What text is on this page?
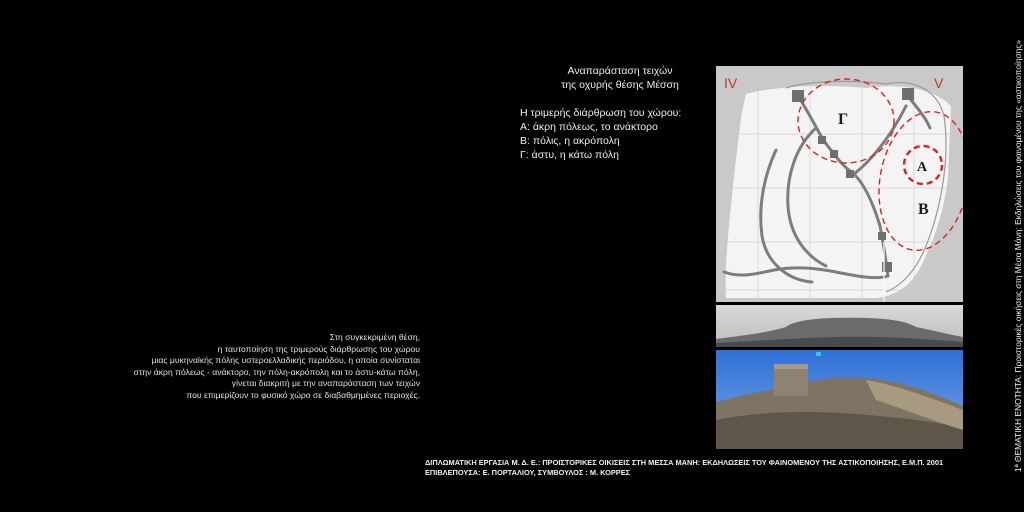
Αναπαράσταση τειχών
της οχυρής θέσης Μέσση
Η τριμερής διάρθρωση του χώρου:
Α: άκρη πόλεως, το ανάκτορο
Β: πόλις, η ακρόπολη
Γ: άστυ, η κάτω πόλη
IV	V
Γ
Α
Β
Στη συγκεκριμένη θέση,
η ταυτοποίηση της τριμερούς διάρθρωσης του χώρου
μιας μυκηναϊκής πόλης υστεροελλαδικής περιόδου, η οποία συνίσταται
στην άκρη πόλεως - ανάκτορο, την πόλη-ακρόπολη και το άστυ-κάτω πόλη,
γίνεται διακριτή με την αναπαράσταση των τειχών
που επιμερίζουν το φυσικό χώρο σε διαβαθμημένες περιοχές.
ΔΙΠΛΩΜΑΤΙΚΗ ΕΡΓΑΣΙΑ Μ. Δ. Ε.: ΠΡΟΙΣΤΟΡΙΚΕΣ ΟΙΚΙΣΕΙΣ ΣΤΗ ΜΕΣΣΑ ΜΑΝΗ: ΕΚΔΗΛΩΣΕΙΣ ΤΟΥ ΦΑΙΝΟΜΕΝΟΥ ΤΗΣ ΑΣΤΙΚΟΠΟΙΗΣΗΣ, Ε.Μ.Π. 2001
ΕΠΙΒΛΕΠΟΥΣΑ: Ε. ΠΟΡΤΑΛΙΟΥ, ΣΥΜΒΟΥΛΟΣ : Μ. ΚΟΡΡΕΣ
1ª ΘΕΜΑΤΙΚΗ ΕΝΟΤΗΤΑ: Προιστορικές οικήσεις στη Μέσα Μάνη: Εκδηλώσεις του φαινομένου της «αστικοποίησης»
